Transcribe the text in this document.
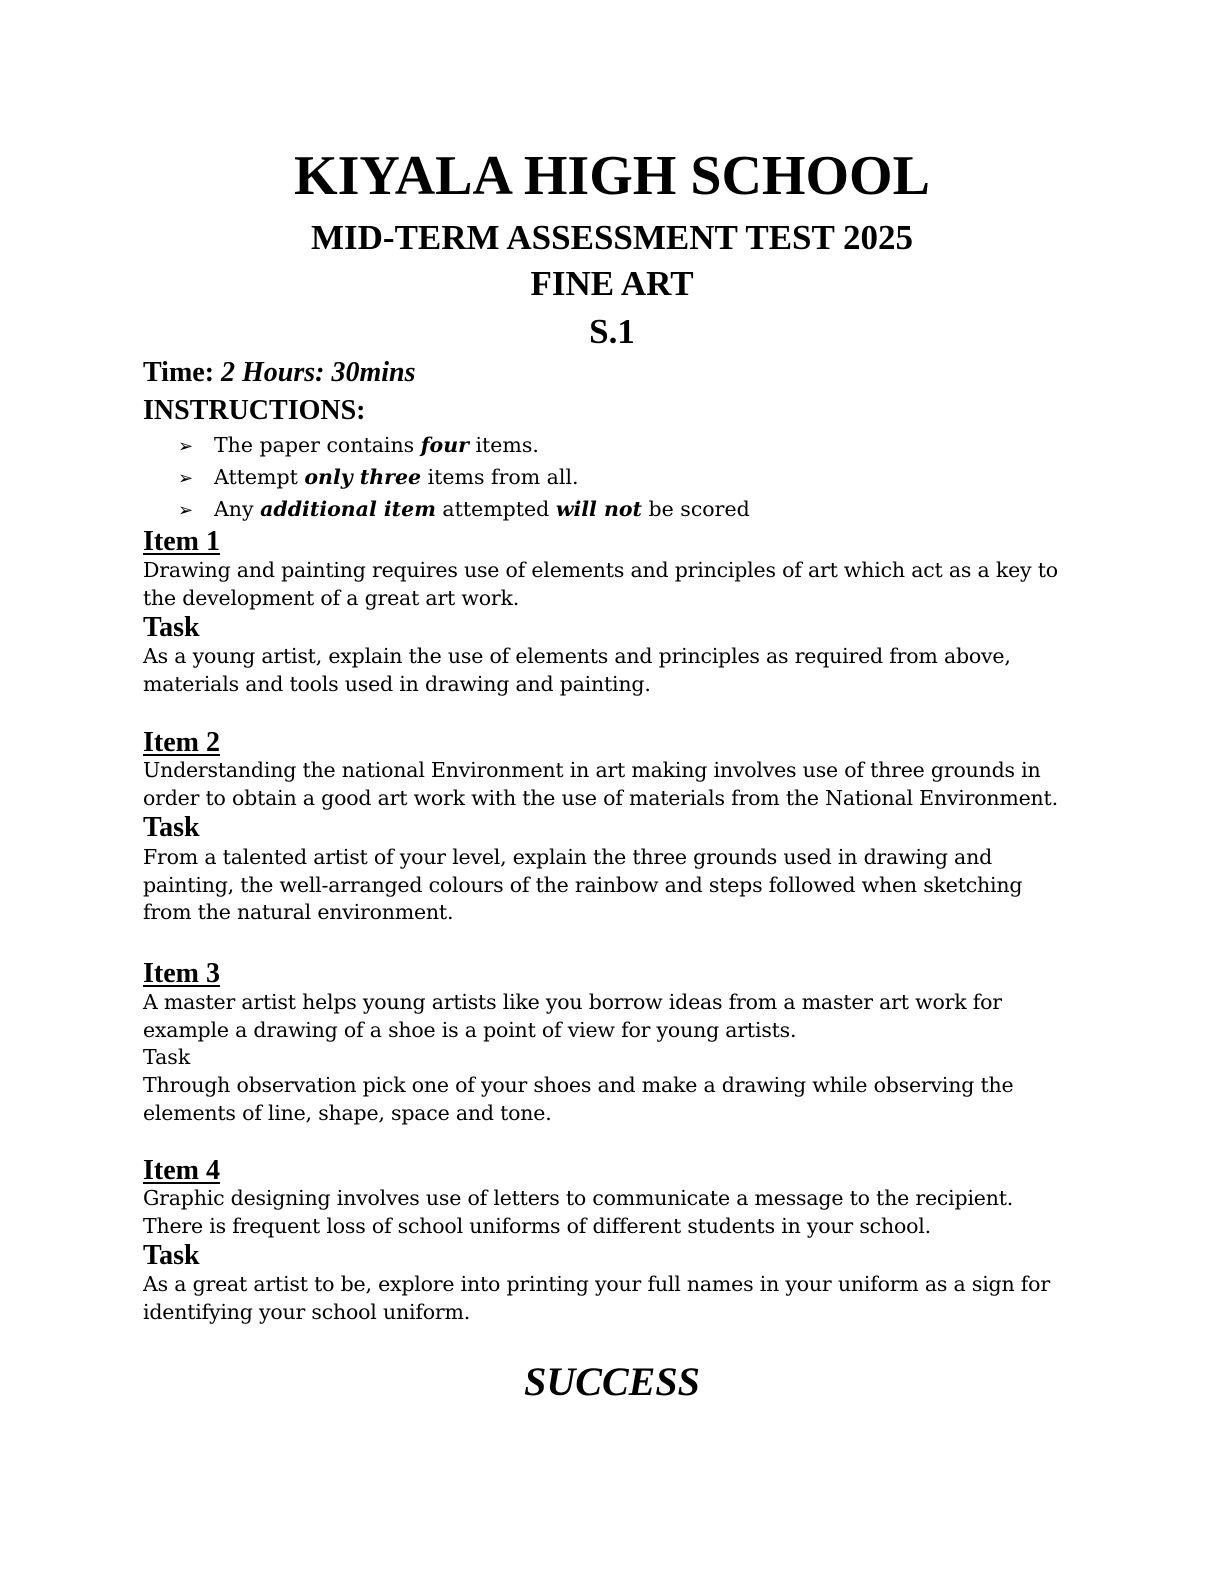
KIYALA HIGH SCHOOL
MID-TERM ASSESSMENT TEST 2025
FINE ART
S.1
Time: 2 Hours: 30mins
INSTRUCTIONS:
➢	The paper contains four items.
➢	Attempt only three items from all.
➢	Any additional item attempted will not be scored
Item 1
Drawing and painting requires use of elements and principles of art which act as a key to the development of a great art work.
Task
As a young artist, explain the use of elements and principles as required from above, materials and tools used in drawing and painting.
Item 2
Understanding the national Environment in art making involves use of three grounds in order to obtain a good art work with the use of materials from the National Environment.
Task
From a talented artist of your level, explain the three grounds used in drawing and painting, the well-arranged colours of the rainbow and steps followed when sketching from the natural environment.
Item 3
A master artist helps young artists like you borrow ideas from a master art work for example a drawing of a shoe is a point of view for young artists.
Task
Through observation pick one of your shoes and make a drawing while observing the elements of line, shape, space and tone.
Item 4
Graphic designing involves use of letters to communicate a message to the recipient. There is frequent loss of school uniforms of different students in your school.
Task
As a great artist to be, explore into printing your full names in your uniform as a sign for identifying your school uniform.
SUCCESS
